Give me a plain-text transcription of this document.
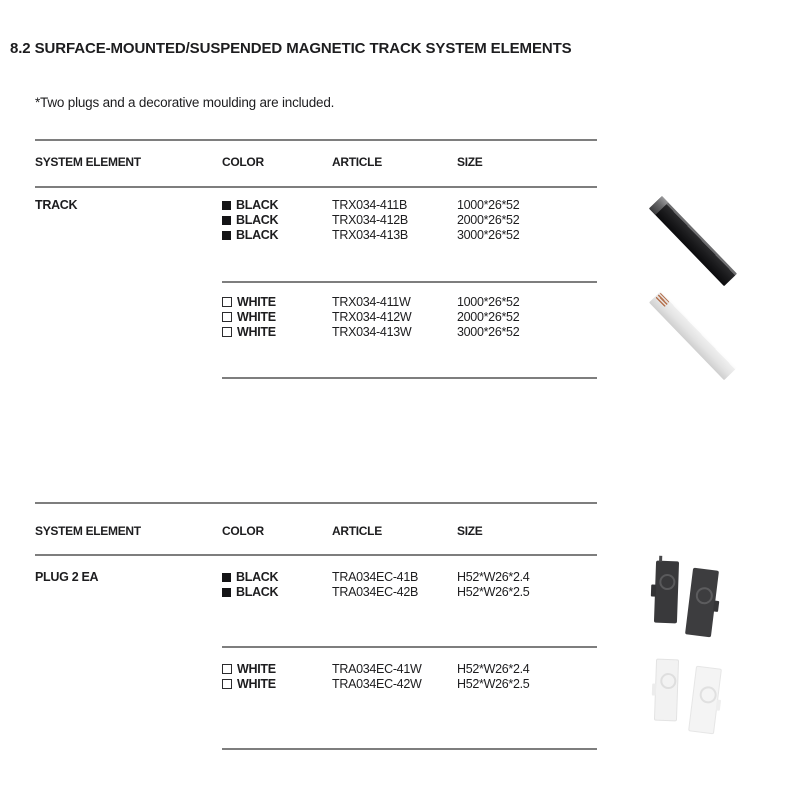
8.2 SURFACE-MOUNTED/SUSPENDED MAGNETIC TRACK SYSTEM ELEMENTS
*Two plugs and a decorative moulding are included.
SYSTEM ELEMENT	COLOR	ARTICLE	SIZE
TRACK	BLACK	TRX034-411B	1000*26*52
BLACK	TRX034-412B	2000*26*52
BLACK	TRX034-413B	3000*26*52
WHITE	TRX034-411W	1000*26*52
WHITE	TRX034-412W	2000*26*52
WHITE	TRX034-413W	3000*26*52
SYSTEM ELEMENT	COLOR	ARTICLE	SIZE
PLUG 2 EA	BLACK	TRA034EC-41B	H52*W26*2.4
BLACK	TRA034EC-42B	H52*W26*2.5
WHITE	TRA034EC-41W	H52*W26*2.4
WHITE	TRA034EC-42W	H52*W26*2.5
